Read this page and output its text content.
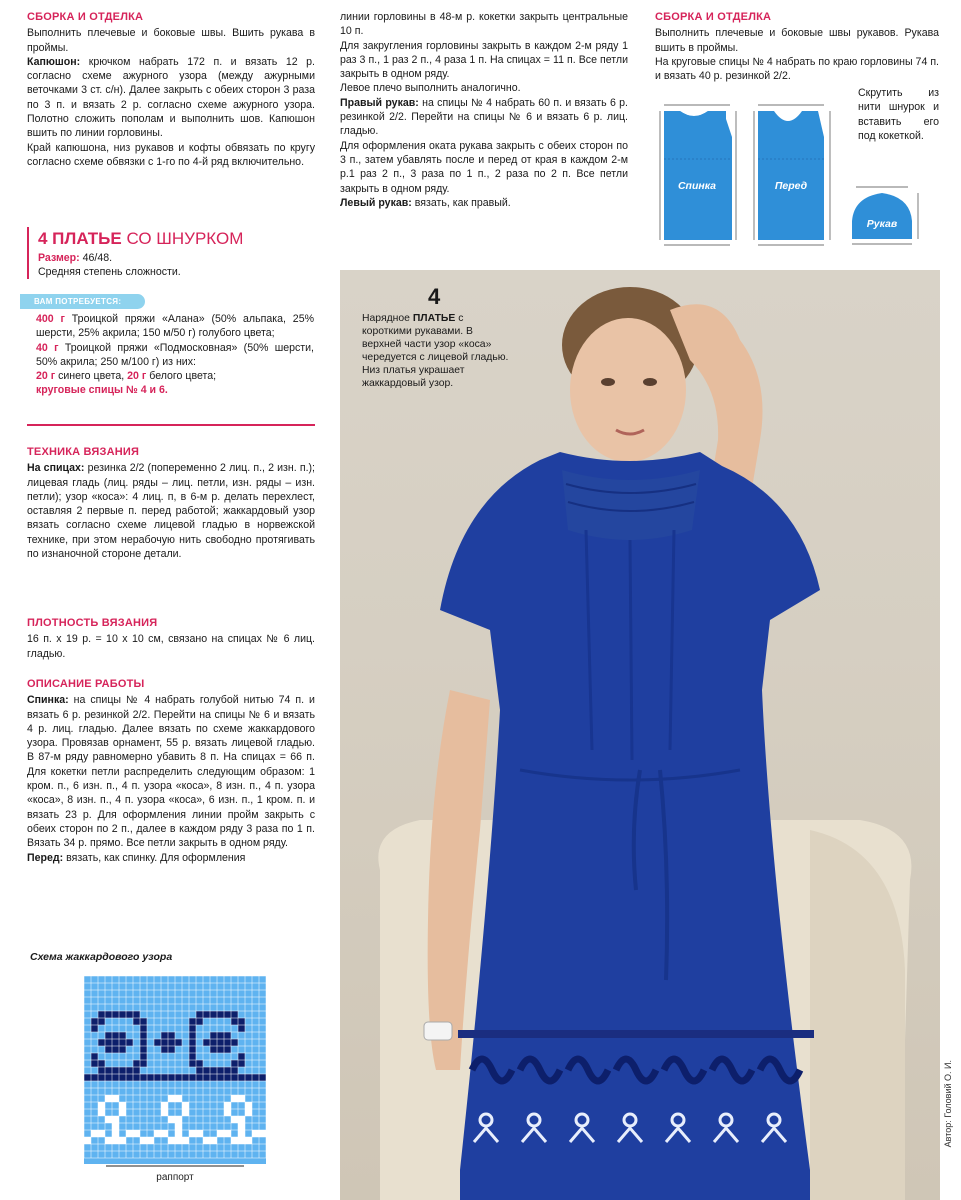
СБОРКА И ОТДЕЛКА

Выполнить плечевые и боковые швы. Вшить рукава в проймы.

Капюшон: крючком набрать 172 п. и вязать 12 р. согласно схеме ажурного узора (между ажурными веточками 3 ст. с/н). Далее закрыть с обеих сторон 3 раза по 3 п. и вязать 2 р. согласно схеме ажурного узора. Полотно сложить пополам и выполнить шов. Капюшон вшить по линии горловины.

Край капюшона, низ рукавов и кофты обвязать по кругу согласно схеме обвязки с 1-го по 4-й ряд включительно.

4 ПЛАТЬЕ СО ШНУРКОМ

Размер: 46/48.

Средняя степень сложности.

ВАМ ПОТРЕБУЕТСЯ:

400 г Троицкой пряжи «Алана» (50% альпака, 25% шерсти, 25% акрила; 150 м/50 г) голубого цвета;

40 г Троицкой пряжи «Подмосковная» (50% шерсти, 50% акрила; 250 м/100 г) из них:

20 г синего цвета, 20 г белого цвета;

круговые спицы № 4 и 6.

ТЕХНИКА ВЯЗАНИЯ

На спицах: резинка 2/2 (попеременно 2 лиц. п., 2 изн. п.); лицевая гладь (лиц. ряды – лиц. петли, изн. ряды – изн. петли); узор «коса»: 4 лиц. п, в 6-м р. делать перехлест, оставляя 2 первые п. перед работой; жаккардовый узор вязать согласно схеме лицевой гладью в норвежской технике, при этом нерабочую нить свободно протягивать по изнаночной стороне детали.

ПЛОТНОСТЬ ВЯЗАНИЯ

16 п. х 19 р. = 10 х 10 см, связано на спицах № 6 лиц. гладью.

ОПИСАНИЕ РАБОТЫ

Спинка: на спицы № 4 набрать голубой нитью 74 п. и вязать 6 р. резинкой 2/2. Перейти на спицы № 6 и вязать 4 р. лиц. гладью. Далее вязать по схеме жаккардового узора. Провязав орнамент, 55 р. вязать лицевой гладью. В 87-м ряду равномерно убавить 8 п. На спицах = 66 п. Для кокетки петли распределить следующим образом: 1 кром. п., 6 изн. п., 4 п. узора «коса», 8 изн. п., 4 п. узора «коса», 8 изн. п., 4 п. узора «коса», 6 изн. п., 1 кром. п. и вязать 23 р. Для оформления линии пройм закрыть с обеих сторон по 2 п., далее в каждом ряду 3 раза по 1 п. Вязать 34 р. прямо. Все петли закрыть в одном ряду.

Перед: вязать, как спинку. Для оформления

Схема жаккардового узора
раппорт

линии горловины в 48-м р. кокетки закрыть центральные 10 п.

Для закругления горловины закрыть в каждом 2-м ряду 1 раз 3 п., 1 раз 2 п., 4 раза 1 п. На спицах = 11 п. Все петли закрыть в одном ряду.

Левое плечо выполнить аналогично.

Правый рукав: на спицы № 4 набрать 60 п. и вязать 6 р. резинкой 2/2. Перейти на спицы № 6 и вязать 6 р. лиц. гладью.

Для оформления оката рукава закрыть с обеих сторон по 3 п., затем убавлять после и перед от края в каждом 2-м р.1 раз 2 п., 3 раза по 1 п., 2 раза по 2 п. Все петли закрыть в одном ряду.

Левый рукав: вязать, как правый.

СБОРКА И ОТДЕЛКА

Выполнить плечевые и боковые швы рукавов. Рукава вшить в проймы.

На круговые спицы № 4 набрать по краю горловины 74 п. и вязать 40 р. резинкой 2/2.

Скрутить из нити шнурок и вставить его под кокеткой.
Спинка	Перед
Рукав
4
Нарядное ПЛАТЬЕ с короткими рукавами. В верхней части узор «коса» чередуется с лицевой гладью. Низ платья украшает жаккардовый узор.
Автор: Головий О. И.
